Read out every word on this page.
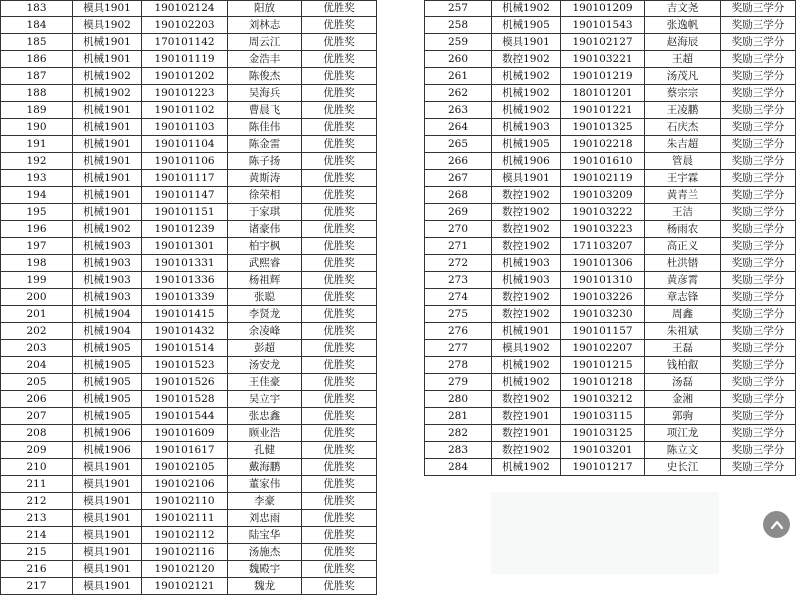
183	模具1901	190102124	阳放	优胜奖
184	模具1902	190102203	刘林志	优胜奖
185	机械1901	170101142	周云江	优胜奖
186	机械1901	190101119	金浩丰	优胜奖
187	机械1902	190101202	陈俊杰	优胜奖
188	机械1902	190101223	吴海兵	优胜奖
189	机械1901	190101102	曹晨飞	优胜奖
190	机械1901	190101103	陈佳伟	优胜奖
191	机械1901	190101104	陈金雷	优胜奖
192	机械1901	190101106	陈子扬	优胜奖
193	机械1901	190101117	黄斯涛	优胜奖
194	机械1901	190101147	徐荣相	优胜奖
195	机械1901	190101151	于家琪	优胜奖
196	机械1902	190101239	诸豪伟	优胜奖
197	机械1903	190101301	柏宇枫	优胜奖
198	机械1903	190101331	武熙睿	优胜奖
199	机械1903	190101336	杨祖辉	优胜奖
200	机械1903	190101339	张聪	优胜奖
201	机械1904	190101415	李贤龙	优胜奖
202	机械1904	190101432	余凌峰	优胜奖
203	机械1905	190101514	彭超	优胜奖
204	机械1905	190101523	汤安龙	优胜奖
205	机械1905	190101526	王佳豪	优胜奖
206	机械1905	190101528	吴立宇	优胜奖
207	机械1905	190101544	张忠鑫	优胜奖
208	机械1906	190101609	顾业浩	优胜奖
209	机械1906	190101617	孔健	优胜奖
210	模具1901	190102105	戴海鹏	优胜奖
211	模具1901	190102106	董家伟	优胜奖
212	模具1901	190102110	李豪	优胜奖
213	模具1901	190102111	刘忠雨	优胜奖
214	模具1901	190102112	陆宝华	优胜奖
215	模具1901	190102116	汤施杰	优胜奖
216	模具1901	190102120	魏殿宇	优胜奖
217	模具1901	190102121	魏龙	优胜奖
257	机械1902	190101209	吉文尧	奖励三学分
258	机械1905	190101543	张逸帆	奖励三学分
259	模具1901	190102127	赵海辰	奖励三学分
260	数控1902	190103221	王超	奖励三学分
261	机械1902	190101219	汤茂凡	奖励三学分
262	机械1902	180101201	蔡宗宗	奖励三学分
263	机械1902	190101221	王凌鹏	奖励三学分
264	机械1903	190101325	石庆杰	奖励三学分
265	机械1905	190102218	朱吉超	奖励三学分
266	机械1906	190101610	管晨	奖励三学分
267	模具1901	190102119	王宇霖	奖励三学分
268	数控1902	190103209	黄青兰	奖励三学分
269	数控1902	190103222	王洁	奖励三学分
270	数控1902	190103223	杨雨农	奖励三学分
271	数控1902	171103207	高正义	奖励三学分
272	机械1903	190101306	杜洪镨	奖励三学分
273	机械1903	190101310	黄彦霄	奖励三学分
274	数控1902	190103226	章志锋	奖励三学分
275	数控1902	190103230	周鑫	奖励三学分
276	机械1901	190101157	朱祖斌	奖励三学分
277	模具1902	190102207	王磊	奖励三学分
278	机械1902	190101215	钱柏叡	奖励三学分
279	机械1902	190101218	汤磊	奖励三学分
280	数控1902	190103212	金湘	奖励三学分
281	数控1901	190103115	郭驹	奖励三学分
282	数控1901	190103125	项江龙	奖励三学分
283	数控1902	190103201	陈立文	奖励三学分
284	机械1902	190101217	史长江	奖励三学分
